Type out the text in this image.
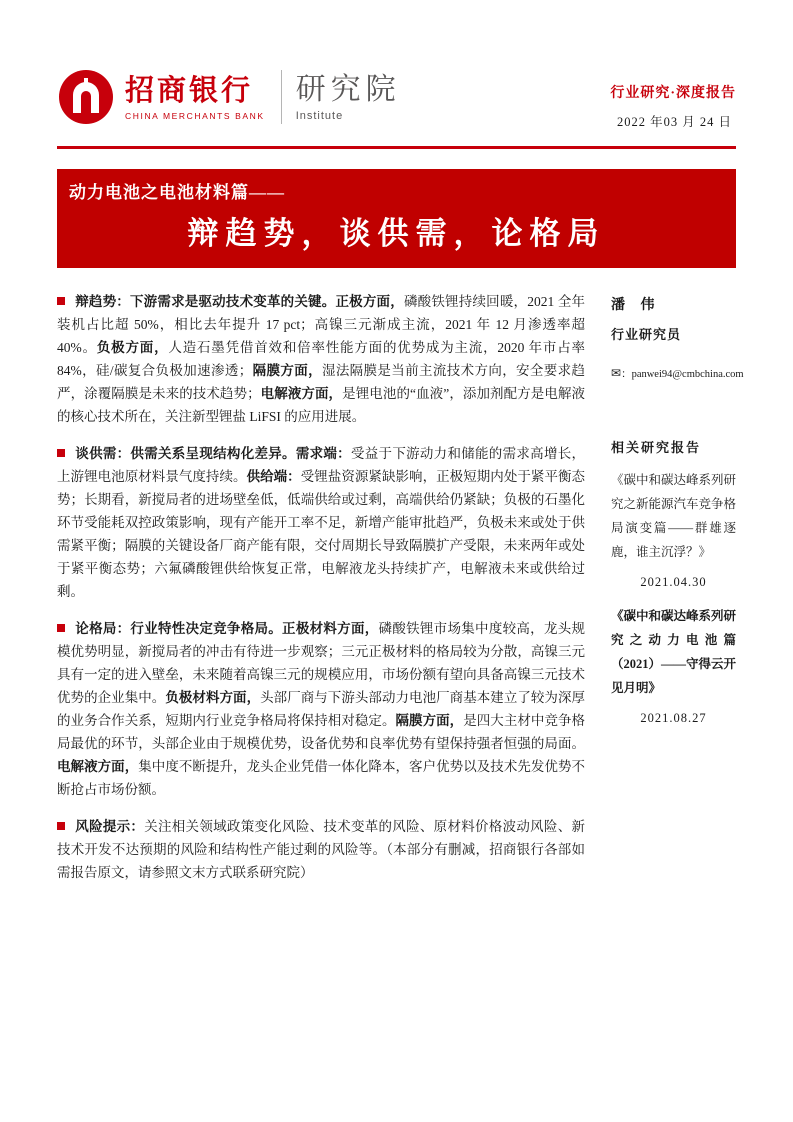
招商银行
CHINA MERCHANTS BANK
研究院
Institute
行业研究·深度报告
2022 年03 月 24 日
动力电池之电池材料篇——
辩趋势，谈供需，论格局

辩趋势：下游需求是驱动技术变革的关键。正极方面，磷酸铁锂持续回暖，2021 全年装机占比超 50%，相比去年提升 17 pct；高镍三元渐成主流，2021 年 12 月渗透率超 40%。负极方面，人造石墨凭借首效和倍率性能方面的优势成为主流，2020 年市占率 84%，硅/碳复合负极加速渗透；隔膜方面，湿法隔膜是当前主流技术方向，安全要求趋严，涂覆隔膜是未来的技术趋势；电解液方面，是锂电池的“血液”，添加剂配方是电解液的核心技术所在，关注新型锂盐 LiFSI 的应用进展。

谈供需：供需关系呈现结构化差异。需求端：受益于下游动力和储能的需求高增长，上游锂电池原材料景气度持续。供给端：受锂盐资源紧缺影响，正极短期内处于紧平衡态势；长期看，新搅局者的进场壁垒低，低端供给或过剩，高端供给仍紧缺；负极的石墨化环节受能耗双控政策影响，现有产能开工率不足，新增产能审批趋严，负极未来或处于供需紧平衡；隔膜的关键设备厂商产能有限，交付周期长导致隔膜扩产受限，未来两年或处于紧平衡态势；六氟磷酸锂供给恢复正常，电解液龙头持续扩产，电解液未来或供给过剩。

论格局：行业特性决定竞争格局。正极材料方面，磷酸铁锂市场集中度较高，龙头规模优势明显，新搅局者的冲击有待进一步观察；三元正极材料的格局较为分散，高镍三元具有一定的进入壁垒，未来随着高镍三元的规模应用，市场份额有望向具备高镍三元技术优势的企业集中。负极材料方面，头部厂商与下游头部动力电池厂商基本建立了较为深厚的业务合作关系，短期内行业竞争格局将保持相对稳定。隔膜方面，是四大主材中竞争格局最优的环节，头部企业由于规模优势，设备优势和良率优势有望保持强者恒强的局面。电解液方面，集中度不断提升，龙头企业凭借一体化降本，客户优势以及技术先发优势不断抢占市场份额。

风险提示：关注相关领域政策变化风险、技术变革的风险、原材料价格波动风险、新技术开发不达预期的风险和结构性产能过剩的风险等。（本部分有删减，招商银行各部如需报告原文，请参照文末方式联系研究院）

潘 伟
行业研究员
✉：panwei94@cmbchina.com
相关研究报告
《碳中和碳达峰系列研究之新能源汽车竞争格局演变篇——群雄逐鹿，谁主沉浮？》
2021.04.30
《碳中和碳达峰系列研究之动力电池篇（2021）——守得云开见月明》
2021.08.27
